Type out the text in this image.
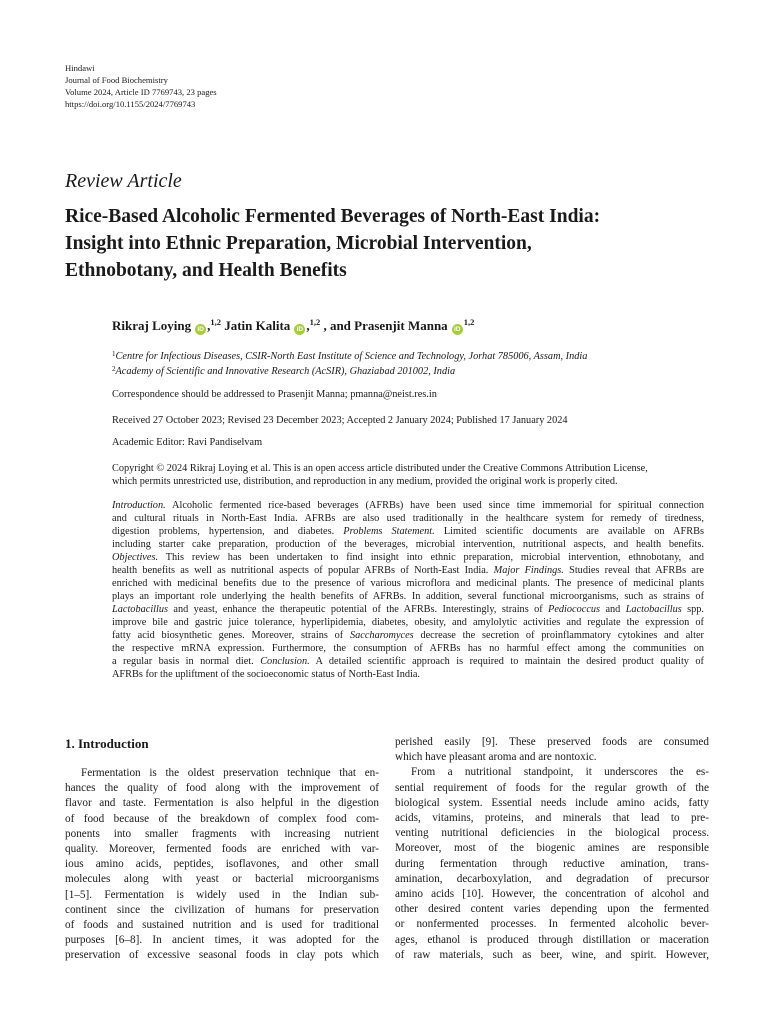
Hindawi
Journal of Food Biochemistry
Volume 2024, Article ID 7769743, 23 pages
https://doi.org/10.1155/2024/7769743
Review Article
Rice-Based Alcoholic Fermented Beverages of North-East India:
Insight into Ethnic Preparation, Microbial Intervention,
Ethnobotany, and Health Benefits
Rikraj Loying iD ,$^{1,2}$ Jatin Kalita iD ,$^{1,2}$ , and Prasenjit Manna iD$^{1,2}$
$^1$Centre for Infectious Diseases, CSIR-North East Institute of Science and Technology, Jorhat 785006, Assam, India
$^2$Academy of Scientific and Innovative Research (AcSIR), Ghaziabad 201002, India
Correspondence should be addressed to Prasenjit Manna; pmanna@neist.res.in
Received 27 October 2023; Revised 23 December 2023; Accepted 2 January 2024; Published 17 January 2024
Academic Editor: Ravi Pandiselvam
Copyright © 2024 Rikraj Loying et al. This is an open access article distributed under the Creative Commons Attribution License,
which permits unrestricted use, distribution, and reproduction in any medium, provided the original work is properly cited.
Introduction. Alcoholic fermented rice-based beverages (AFRBs) have been used since time immemorial for spiritual connection
and cultural rituals in North-East India. AFRBs are also used traditionally in the healthcare system for remedy of tiredness,
digestion problems, hypertension, and diabetes. Problems Statement. Limited scientific documents are available on AFRBs
including starter cake preparation, production of the beverages, microbial intervention, nutritional aspects, and health benefits.
Objectives. This review has been undertaken to find insight into ethnic preparation, microbial intervention, ethnobotany, and
health benefits as well as nutritional aspects of popular AFRBs of North-East India. Major Findings. Studies reveal that AFRBs are
enriched with medicinal benefits due to the presence of various microflora and medicinal plants. The presence of medicinal plants
plays an important role underlying the health benefits of AFRBs. In addition, several functional microorganisms, such as strains of
Lactobacillus and yeast, enhance the therapeutic potential of the AFRBs. Interestingly, strains of Pediococcus and Lactobacillus spp.
improve bile and gastric juice tolerance, hyperlipidemia, diabetes, obesity, and amylolytic activities and regulate the expression of
fatty acid biosynthetic genes. Moreover, strains of Saccharomyces decrease the secretion of proinflammatory cytokines and alter
the respective mRNA expression. Furthermore, the consumption of AFRBs has no harmful effect among the communities on
a regular basis in normal diet. Conclusion. A detailed scientific approach is required to maintain the desired product quality of
AFRBs for the upliftment of the socioeconomic status of North-East India.
1. Introduction
Fermentation is the oldest preservation technique that en-
hances the quality of food along with the improvement of
flavor and taste. Fermentation is also helpful in the digestion
of food because of the breakdown of complex food com-
ponents into smaller fragments with increasing nutrient
quality. Moreover, fermented foods are enriched with var-
ious amino acids, peptides, isoflavones, and other small
molecules along with yeast or bacterial microorganisms
[1–5]. Fermentation is widely used in the Indian sub-
continent since the civilization of humans for preservation
of foods and sustained nutrition and is used for traditional
purposes [6–8]. In ancient times, it was adopted for the
preservation of excessive seasonal foods in clay pots which
perished easily [9]. These preserved foods are consumed
which have pleasant aroma and are nontoxic.
From a nutritional standpoint, it underscores the es-
sential requirement of foods for the regular growth of the
biological system. Essential needs include amino acids, fatty
acids, vitamins, proteins, and minerals that lead to pre-
venting nutritional deficiencies in the biological process.
Moreover, most of the biogenic amines are responsible
during fermentation through reductive amination, trans-
amination, decarboxylation, and degradation of precursor
amino acids [10]. However, the concentration of alcohol and
other desired content varies depending upon the fermented
or nonfermented processes. In fermented alcoholic bever-
ages, ethanol is produced through distillation or maceration
of raw materials, such as beer, wine, and spirit. However,
